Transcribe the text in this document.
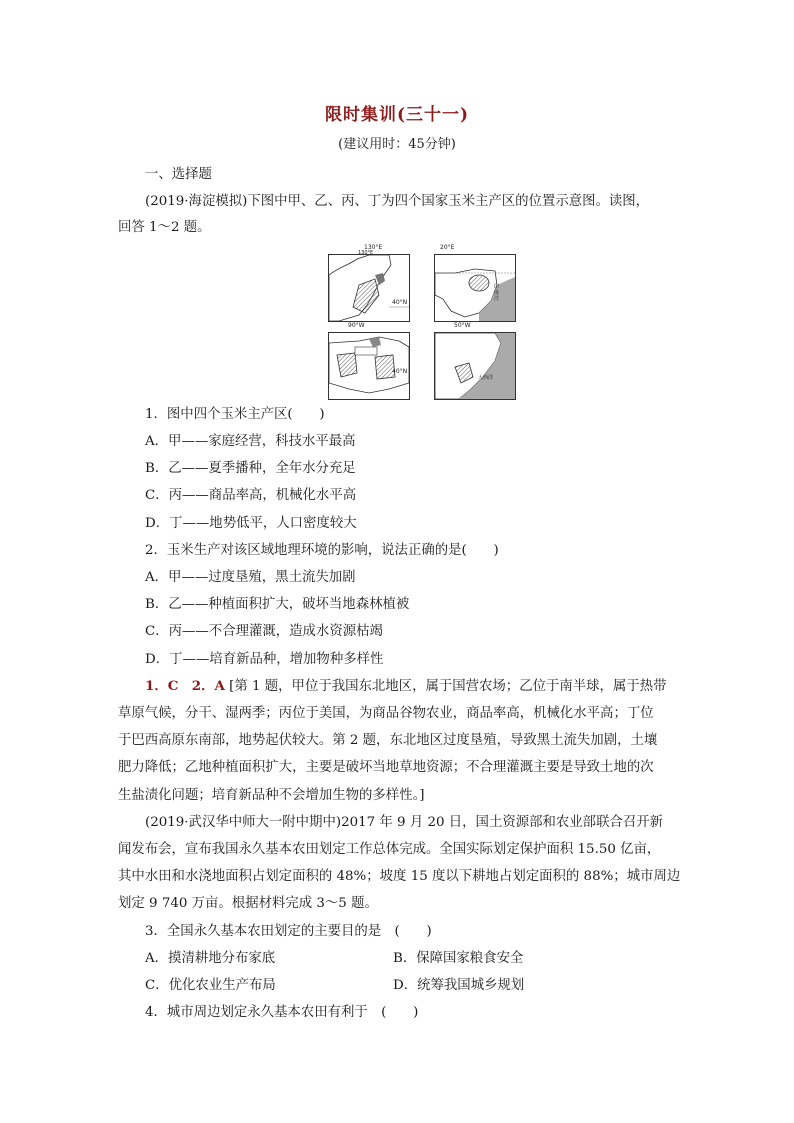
限时集训(三十一)
(建议用时：45分钟)
一、选择题
(2019·海淀模拟)下图中甲、乙、丙、丁为四个国家玉米主产区的位置示意图。读图，
回答 1～2 题。
130°E
130°E
40°N
20°E
印度洋
90°W
40°N
50°W
大西洋
1．图中四个玉米主产区(　　)
A．甲——家庭经营，科技水平最高
B．乙——夏季播种，全年水分充足
C．丙——商品率高，机械化水平高
D．丁——地势低平，人口密度较大
2．玉米生产对该区域地理环境的影响，说法正确的是(　　)
A．甲——过度垦殖，黑土流失加剧
B．乙——种植面积扩大，破坏当地森林植被
C．丙——不合理灌溉，造成水资源枯竭
D．丁——培育新品种，增加物种多样性
1．C　2．A [第 1 题，甲位于我国东北地区，属于国营农场；乙位于南半球，属于热带
草原气候，分干、湿两季；丙位于美国，为商品谷物农业，商品率高，机械化水平高；丁位
于巴西高原东南部，地势起伏较大。第 2 题，东北地区过度垦殖，导致黑土流失加剧，土壤
肥力降低；乙地种植面积扩大，主要是破坏当地草地资源；不合理灌溉主要是导致土地的次
生盐渍化问题；培育新品种不会增加生物的多样性。]
(2019·武汉华中师大一附中期中)2017 年 9 月 20 日，国土资源部和农业部联合召开新
闻发布会，宣布我国永久基本农田划定工作总体完成。全国实际划定保护面积 15.50 亿亩，
其中水田和水浇地面积占划定面积的 48%；坡度 15 度以下耕地占划定面积的 88%；城市周边
划定 9 740 万亩。根据材料完成 3～5 题。
3．全国永久基本农田划定的主要目的是　(　　)
A．摸清耕地分布家底	B．保障国家粮食安全
C．优化农业生产布局	D．统筹我国城乡规划
4．城市周边划定永久基本农田有利于　(　　)
